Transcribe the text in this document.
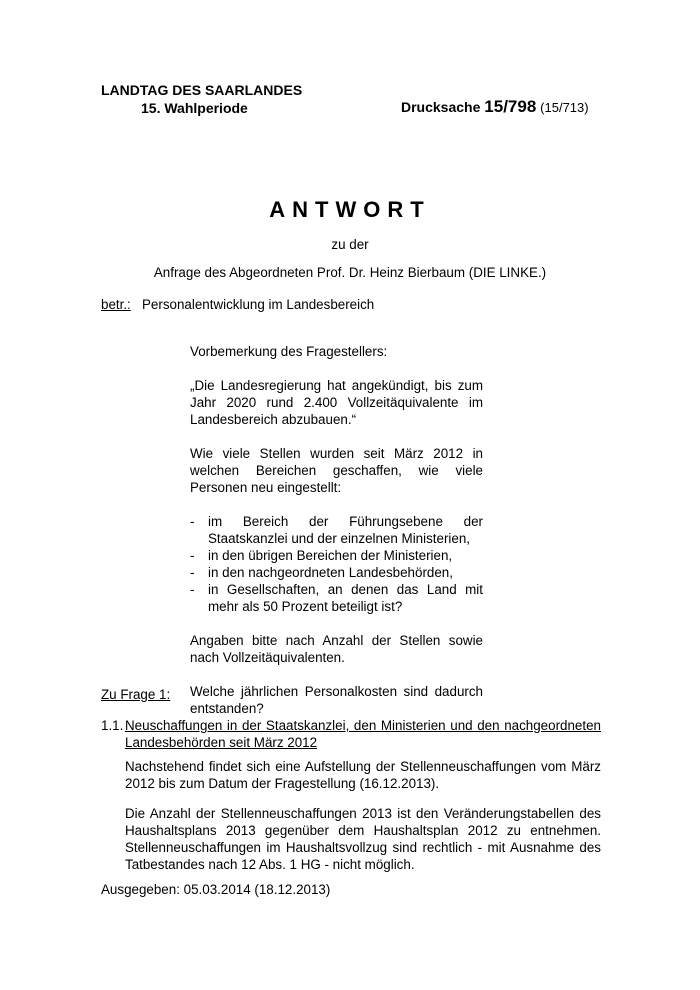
LANDTAG DES SAARLANDES
15. Wahlperiode	Drucksache 15/798 (15/713)
ANTWORT
zu der
Anfrage des Abgeordneten Prof. Dr. Heinz Bierbaum (DIE LINKE.)
betr.: Personalentwicklung im Landesbereich

Vorbemerkung des Fragestellers:

„Die Landesregierung hat angekündigt, bis zum Jahr 2020 rund 2.400 Vollzeitäquivalente im Landesbereich abzubauen.“

Wie viele Stellen wurden seit März 2012 in welchen Bereichen geschaffen, wie viele Personen neu eingestellt:

- im Bereich der Führungsebene der Staatskanzlei und der einzelnen Ministerien,
- in den übrigen Bereichen der Ministerien,
- in den nachgeordneten Landesbehörden,
- in Gesellschaften, an denen das Land mit mehr als 50 Prozent beteiligt ist?

Angaben bitte nach Anzahl der Stellen sowie nach Vollzeitäquivalenten.

Welche jährlichen Personalkosten sind dadurch entstanden?

Zu Frage 1:
1.1. Neuschaffungen in der Staatskanzlei, den Ministerien und den nachgeordneten Landesbehörden seit März 2012
Nachstehend findet sich eine Aufstellung der Stellenneuschaffungen vom März 2012 bis zum Datum der Fragestellung (16.12.2013).
Die Anzahl der Stellenneuschaffungen 2013 ist den Veränderungstabellen des Haushaltsplans 2013 gegenüber dem Haushaltsplan 2012 zu entnehmen. Stellenneuschaffungen im Haushaltsvollzug sind rechtlich - mit Ausnahme des Tatbestandes nach 12 Abs. 1 HG - nicht möglich.
Ausgegeben: 05.03.2014 (18.12.2013)
